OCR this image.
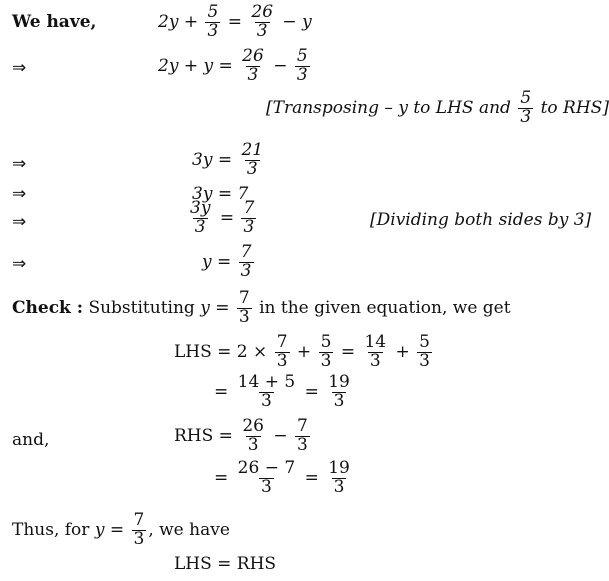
We have,	$2y + \frac{5}{3} = \frac{26}{3} - y$
⇒	$2y + y = \frac{26}{3} - \frac{5}{3}$
[Transposing – y to LHS and $\frac{5}{3}$ to RHS]
⇒	$3y = \frac{21}{3}$
⇒	3y = 7
⇒	$\frac{3y}{3} = \frac{7}{3}$	[Dividing both sides by 3]
⇒	$y = \frac{7}{3}$
Check : Substituting $y = \frac{7}{3}$ in the given equation, we get
LHS = $2 \times \frac{7}{3} + \frac{5}{3} = \frac{14}{3} + \frac{5}{3}$
= $\frac{14 + 5}{3} = \frac{19}{3}$
and,	RHS = $\frac{26}{3} - \frac{7}{3}$
= $\frac{26 - 7}{3} = \frac{19}{3}$
Thus, for $y = \frac{7}{3}$ , we have
LHS = RHS
